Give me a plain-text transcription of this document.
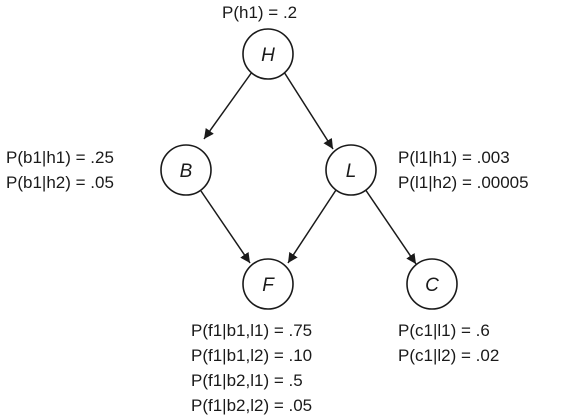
H
B	L
F	C
P(h1) = .2
P(b1|h1) = .25
P(b1|h2) = .05
P(l1|h1) = .003
P(l1|h2) = .00005
P(f1|b1,l1) = .75
P(f1|b1,l2) = .10
P(f1|b2,l1) = .5
P(f1|b2,l2) = .05
P(c1|l1) = .6
P(c1|l2) = .02
